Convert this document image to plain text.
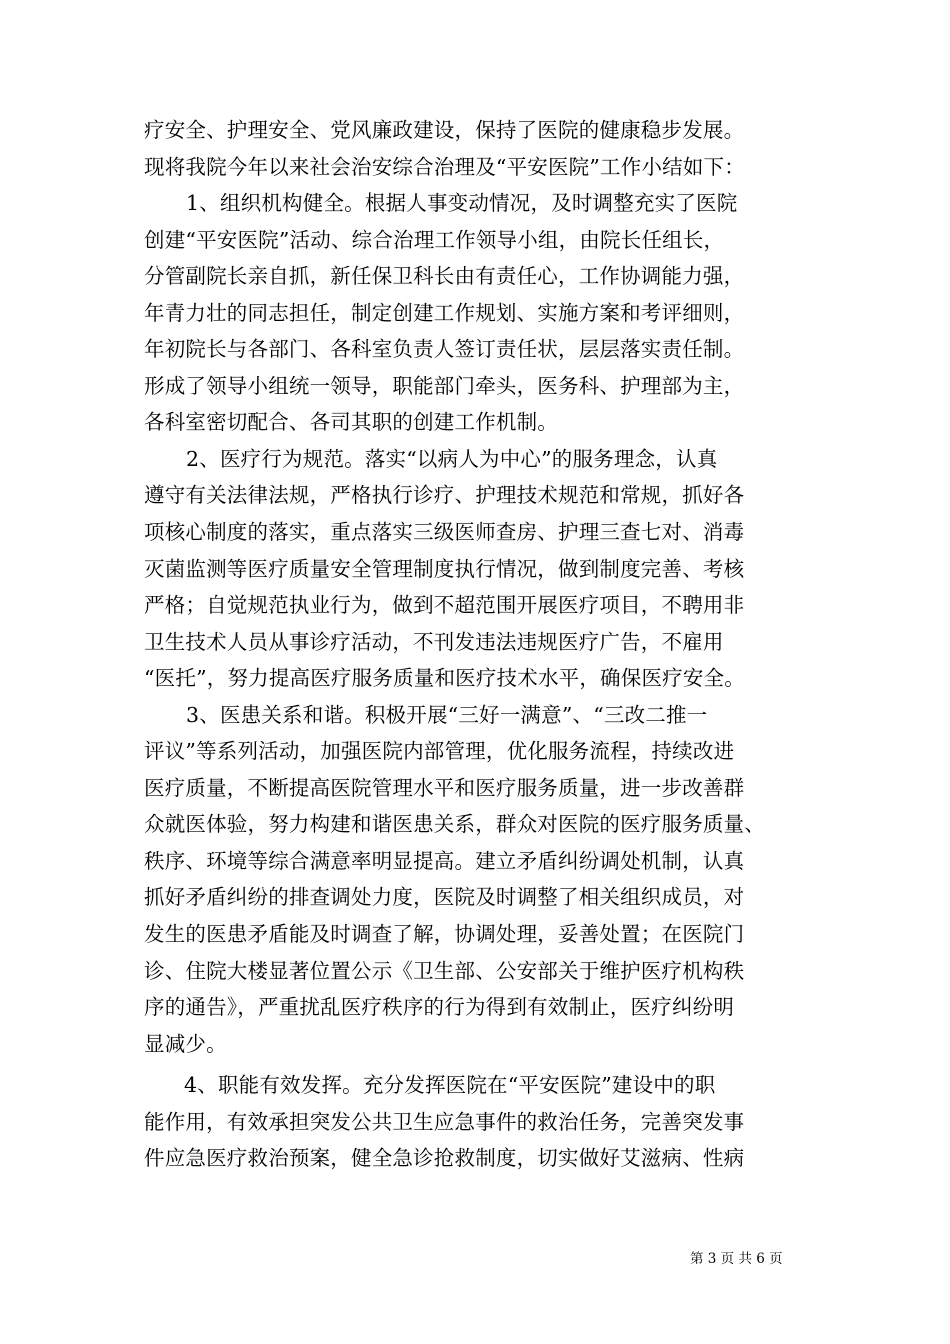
疗安全、护理安全、党风廉政建设，保持了医院的健康稳步发展。
现将我院今年以来社会治安综合治理及“平安医院”工作小结如下：
1、组织机构健全。根据人事变动情况，及时调整充实了医院
创建“平安医院”活动、综合治理工作领导小组，由院长任组长，
分管副院长亲自抓，新任保卫科长由有责任心，工作协调能力强，
年青力壮的同志担任，制定创建工作规划、实施方案和考评细则，
年初院长与各部门、各科室负责人签订责任状，层层落实责任制。
形成了领导小组统一领导，职能部门牵头，医务科、护理部为主，
各科室密切配合、各司其职的创建工作机制。
2、医疗行为规范。落实“以病人为中心”的服务理念，认真
遵守有关法律法规，严格执行诊疗、护理技术规范和常规，抓好各
项核心制度的落实，重点落实三级医师查房、护理三查七对、消毒
灭菌监测等医疗质量安全管理制度执行情况，做到制度完善、考核
严格；自觉规范执业行为，做到不超范围开展医疗项目，不聘用非
卫生技术人员从事诊疗活动，不刊发违法违规医疗广告，不雇用
“医托”，努力提高医疗服务质量和医疗技术水平，确保医疗安全。
3、医患关系和谐。积极开展“三好一满意”、“三改二推一
评议”等系列活动，加强医院内部管理，优化服务流程，持续改进
医疗质量，不断提高医院管理水平和医疗服务质量，进一步改善群
众就医体验，努力构建和谐医患关系，群众对医院的医疗服务质量、
秩序、环境等综合满意率明显提高。建立矛盾纠纷调处机制，认真
抓好矛盾纠纷的排查调处力度，医院及时调整了相关组织成员，对
发生的医患矛盾能及时调查了解，协调处理，妥善处置；在医院门
诊、住院大楼显著位置公示《卫生部、公安部关于维护医疗机构秩
序的通告》，严重扰乱医疗秩序的行为得到有效制止，医疗纠纷明
显减少。
4、职能有效发挥。充分发挥医院在“平安医院”建设中的职
能作用，有效承担突发公共卫生应急事件的救治任务，完善突发事
件应急医疗救治预案，健全急诊抢救制度，切实做好艾滋病、性病
第 3 页 共 6 页
